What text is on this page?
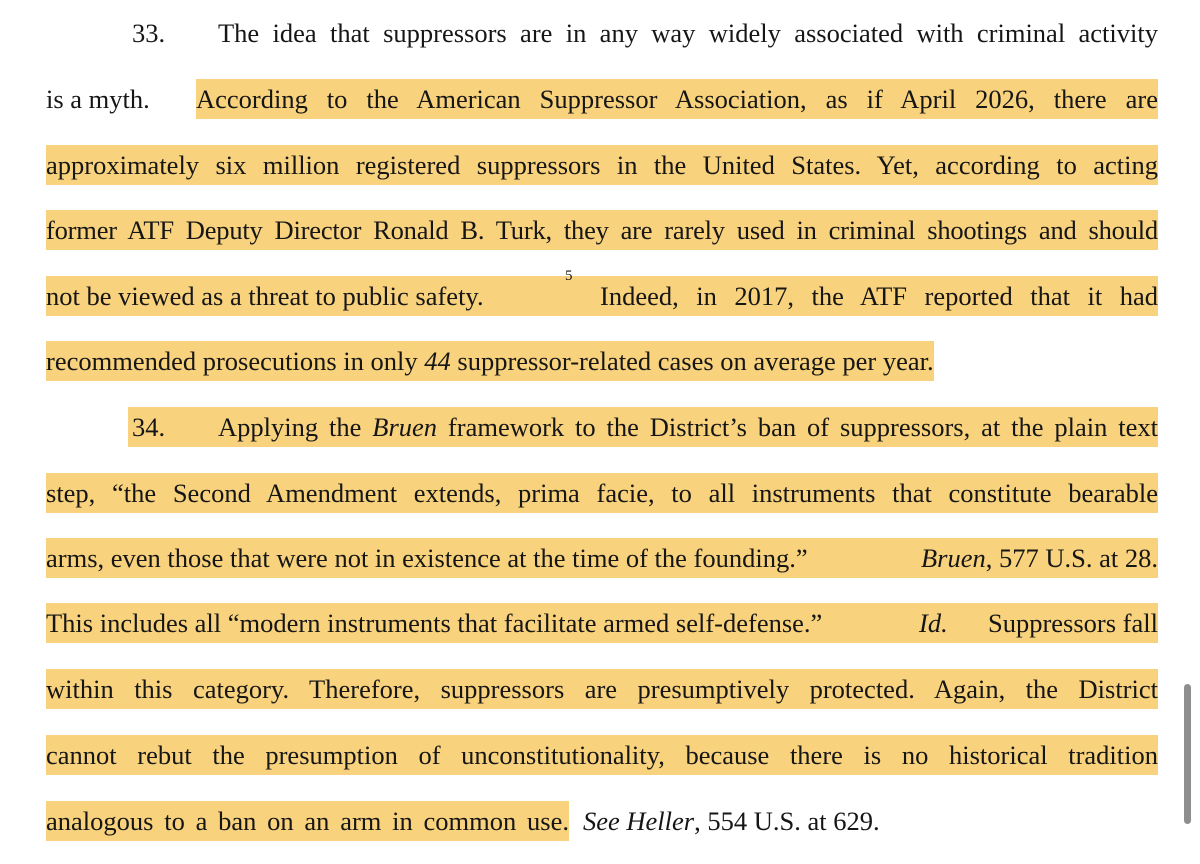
33. The idea that suppressors are in any way widely associated with criminal activity
is a myth. According to the American Suppressor Association, as if April 2026, there are
approximately six million registered suppressors in the United States. Yet, according to acting
former ATF Deputy Director Ronald B. Turk, they are rarely used in criminal shootings and should
not be viewed as a threat to public safety.
5
Indeed, in 2017, the ATF reported that it had
recommended prosecutions in only 44 suppressor-related cases on average per year.
34. Applying the Bruen framework to the District’s ban of suppressors, at the plain text
step, “the Second Amendment extends, prima facie, to all instruments that constitute bearable
arms, even those that were not in existence at the time of the founding.”	Bruen, 577 U.S. at 28.
This includes all “modern instruments that facilitate armed self-defense.”	Id. Suppressors fall
within this category. Therefore, suppressors are presumptively protected. Again, the District
cannot rebut the presumption of unconstitutionality, because there is no historical tradition
analogous to a ban on an arm in common use. See Heller, 554 U.S. at 629.
